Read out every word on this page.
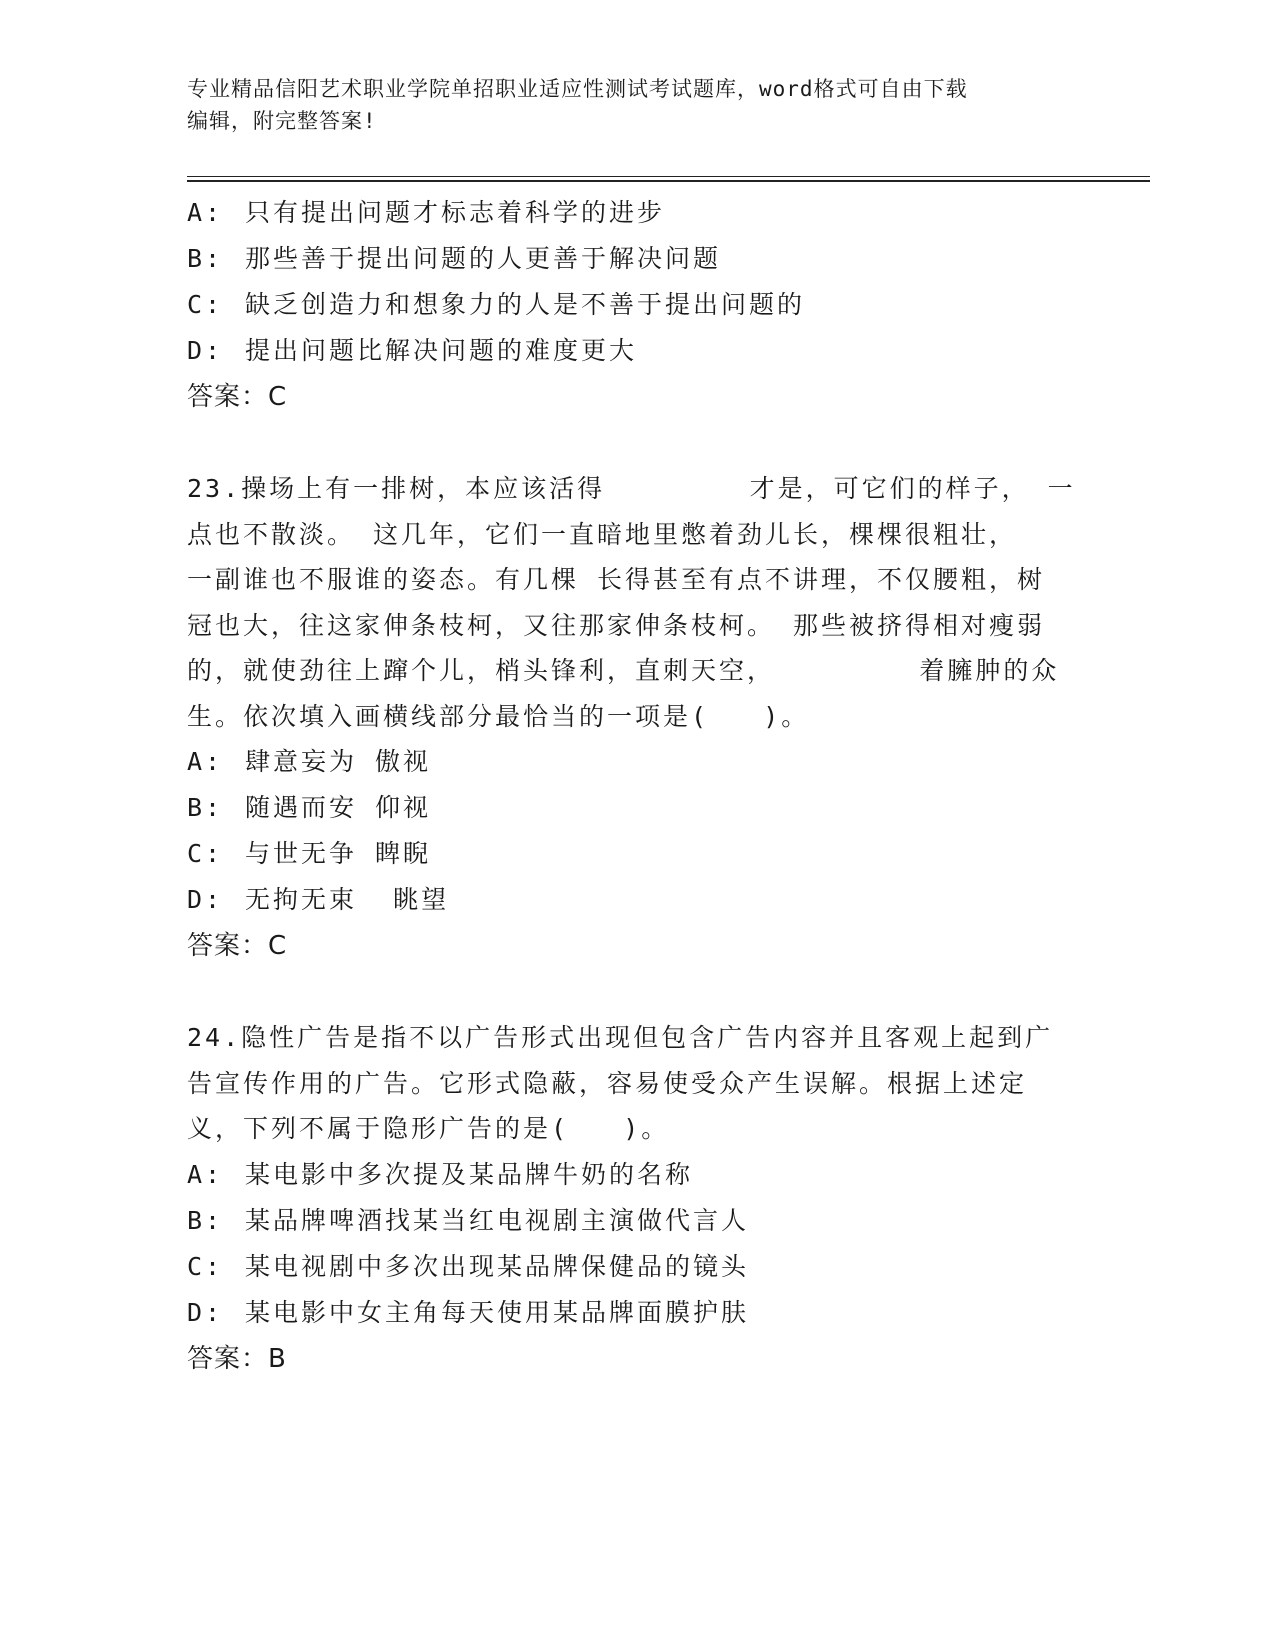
专业精品信阳艺术职业学院单招职业适应性测试考试题库，word格式可自由下载
编辑，附完整答案!
A: 只有提出问题才标志着科学的进步
B: 那些善于提出问题的人更善于解决问题
C: 缺乏创造力和想象力的人是不善于提出问题的
D: 提出问题比解决问题的难度更大
答案：C
23.操场上有一排树，本应该活得        才是，可它们的样子， 一
点也不散淡。 这几年，它们一直暗地里憋着劲儿长，棵棵很粗壮，
一副谁也不服谁的姿态。有几棵 长得甚至有点不讲理，不仅腰粗，树
冠也大，往这家伸条枝柯，又往那家伸条枝柯。 那些被挤得相对瘦弱
的，就使劲往上蹿个儿，梢头锋利，直刺天空，        着臃肿的众
生。依次填入画横线部分最恰当的一项是(   )。
A: 肆意妄为 傲视
B: 随遇而安 仰视
C: 与世无争 睥睨
D: 无拘无束  眺望
答案：C
24.隐性广告是指不以广告形式出现但包含广告内容并且客观上起到广
告宣传作用的广告。它形式隐蔽，容易使受众产生误解。根据上述定
义，下列不属于隐形广告的是(   )。
A: 某电影中多次提及某品牌牛奶的名称
B: 某品牌啤酒找某当红电视剧主演做代言人
C: 某电视剧中多次出现某品牌保健品的镜头
D: 某电影中女主角每天使用某品牌面膜护肤
答案：B
